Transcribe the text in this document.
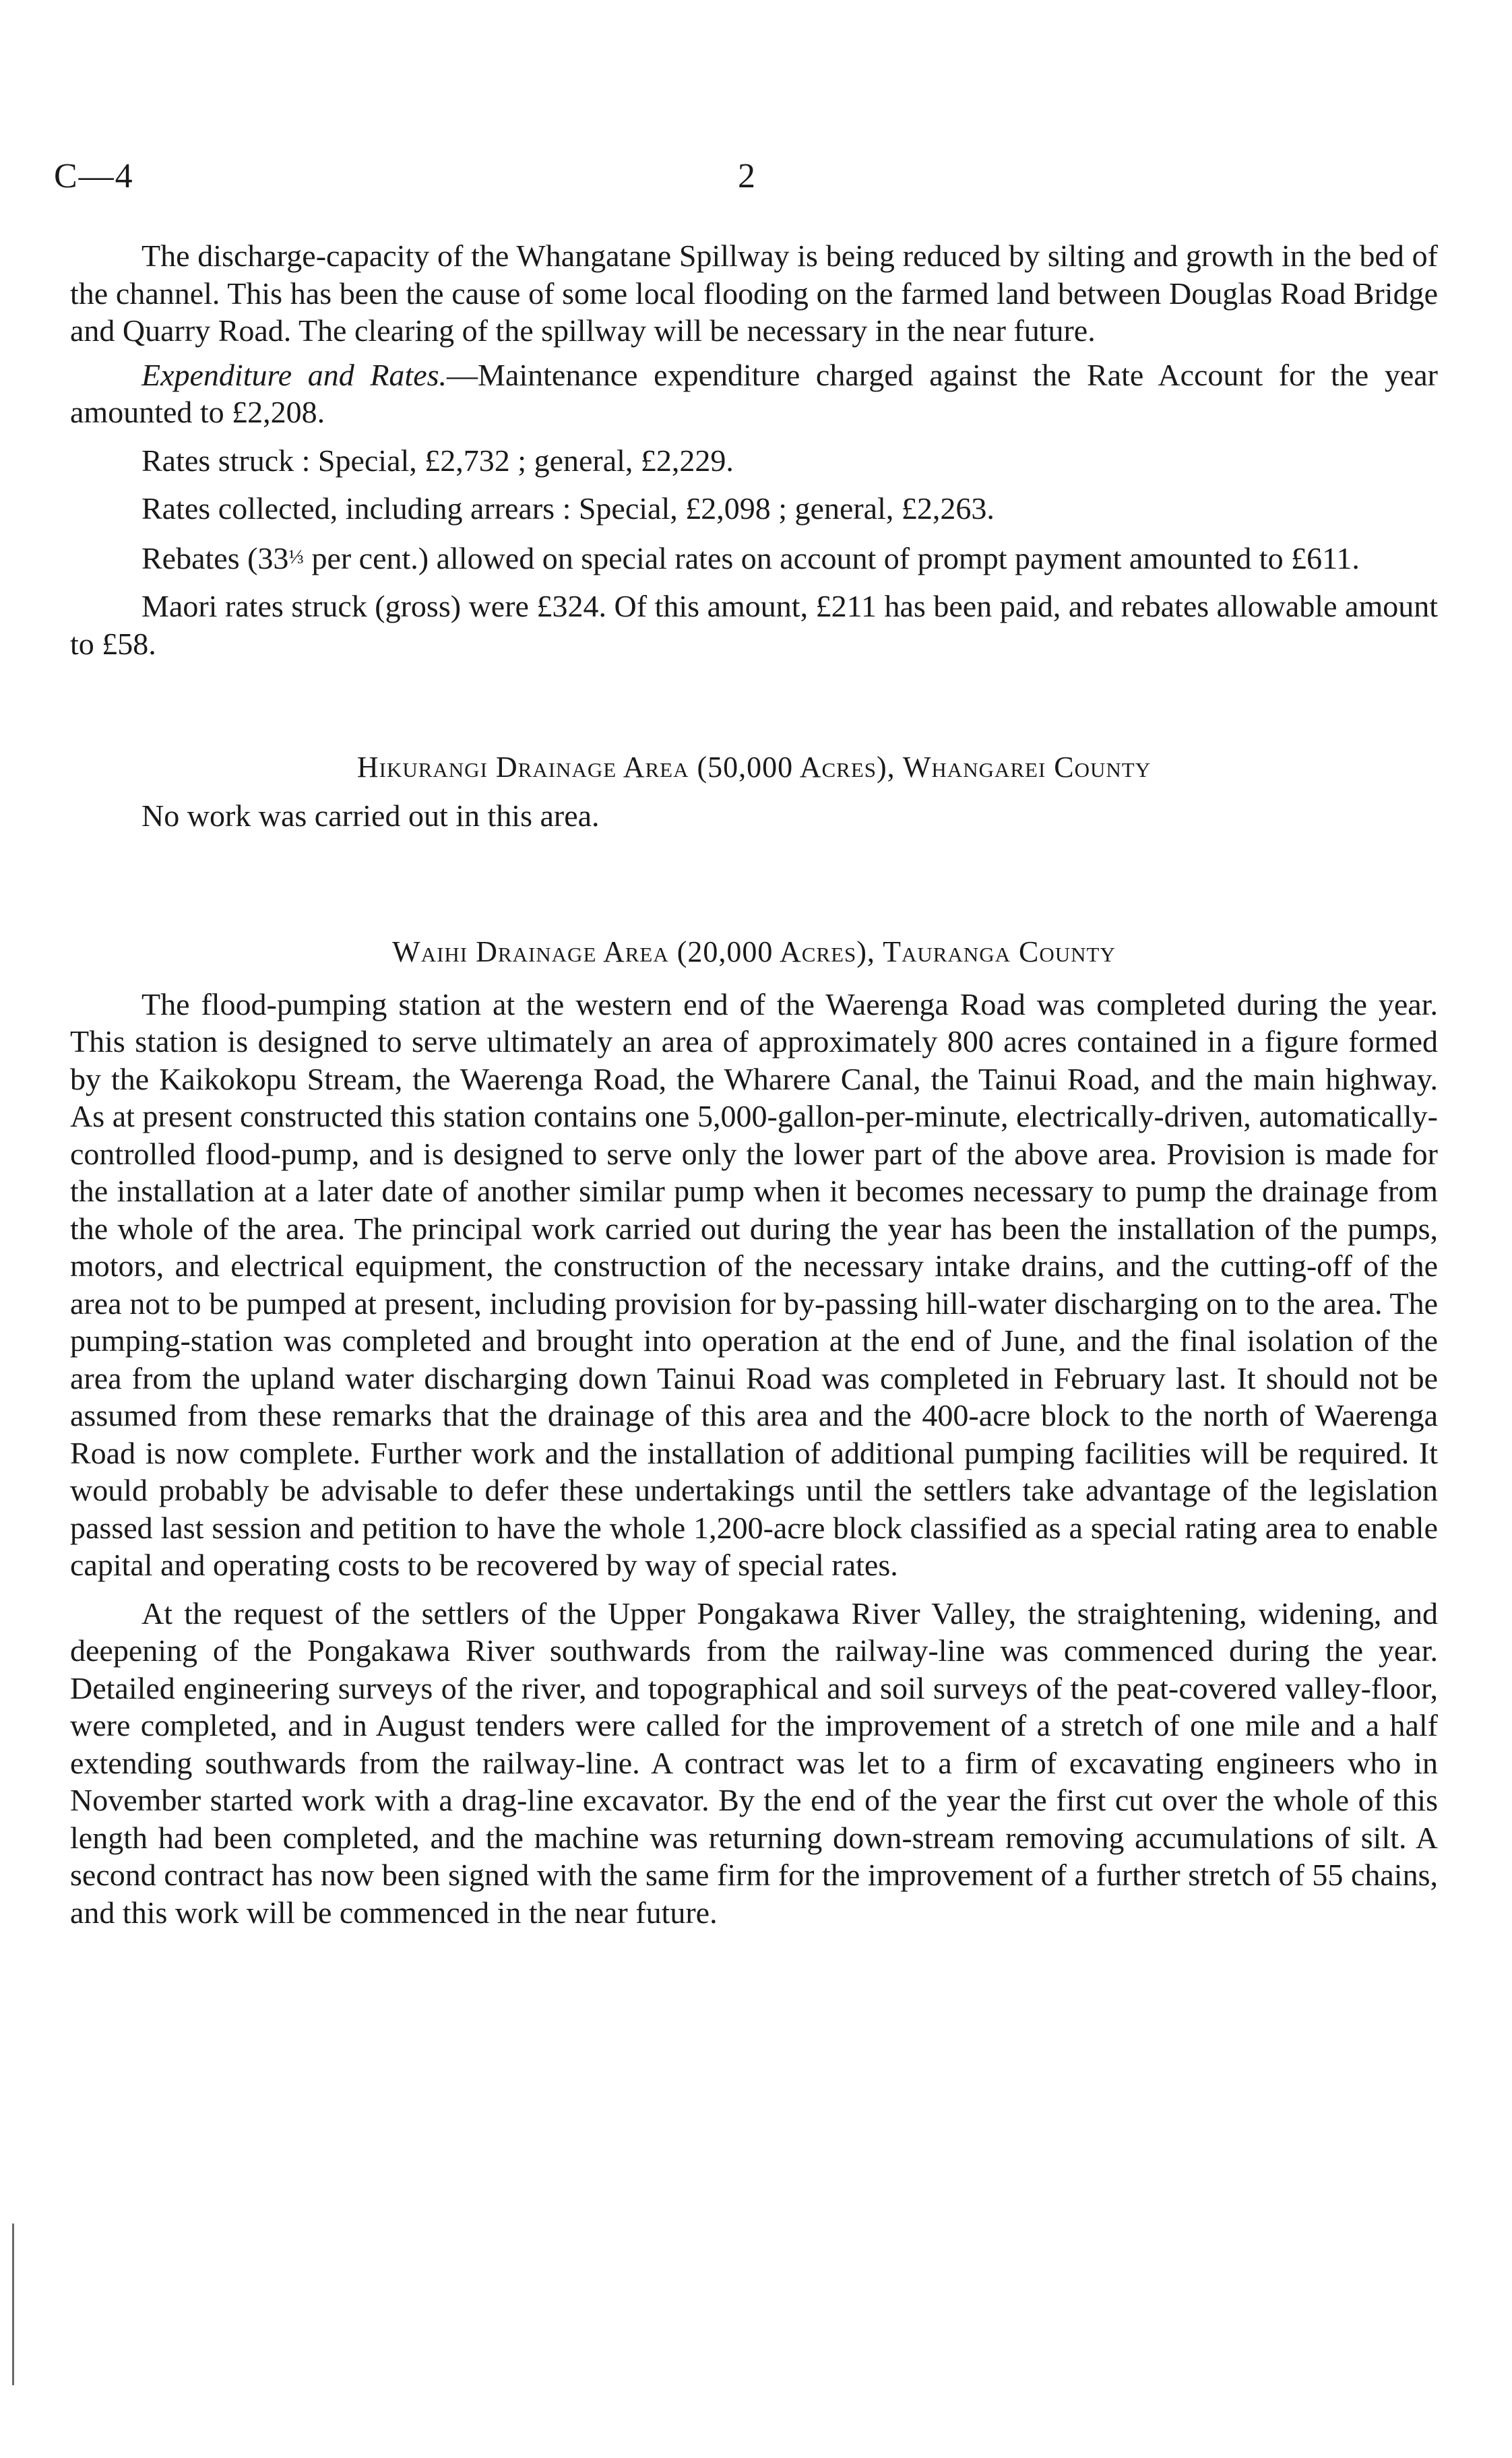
C—4	2

The discharge-capacity of the Whangatane Spillway is being reduced by silting and growth in the bed of the channel. This has been the cause of some local flooding on the farmed land between Douglas Road Bridge and Quarry Road. The clearing of the spillway will be necessary in the near future.

Expenditure and Rates.—Maintenance expenditure charged against the Rate Account for the year amounted to £2,208.

Rates struck : Special, £2,732 ; general, £2,229.

Rates collected, including arrears : Special, £2,098 ; general, £2,263.

Rebates (33⅓ per cent.) allowed on special rates on account of prompt payment amounted to £611.

Maori rates struck (gross) were £324. Of this amount, £211 has been paid, and rebates allowable amount to £58.

Hikurangi Drainage Area (50,000 Acres), Whangarei County

No work was carried out in this area.

Waihi Drainage Area (20,000 Acres), Tauranga County

The flood-pumping station at the western end of the Waerenga Road was completed during the year. This station is designed to serve ultimately an area of approximately 800 acres contained in a figure formed by the Kaikokopu Stream, the Waerenga Road, the Wharere Canal, the Tainui Road, and the main highway. As at present constructed this station contains one 5,000-gallon-per-minute, electrically-driven, automatically-controlled flood-pump, and is designed to serve only the lower part of the above area. Provision is made for the installation at a later date of another similar pump when it becomes necessary to pump the drainage from the whole of the area. The principal work carried out during the year has been the installation of the pumps, motors, and electrical equipment, the construction of the necessary intake drains, and the cutting-off of the area not to be pumped at present, including provision for by-passing hill-water discharging on to the area. The pumping-station was completed and brought into operation at the end of June, and the final isolation of the area from the upland water discharging down Tainui Road was completed in February last. It should not be assumed from these remarks that the drainage of this area and the 400-acre block to the north of Waerenga Road is now complete. Further work and the installation of additional pumping facilities will be required. It would probably be advisable to defer these undertakings until the settlers take advantage of the legislation passed last session and petition to have the whole 1,200-acre block classified as a special rating area to enable capital and operating costs to be recovered by way of special rates.

At the request of the settlers of the Upper Pongakawa River Valley, the straightening, widening, and deepening of the Pongakawa River southwards from the railway-line was commenced during the year. Detailed engineering surveys of the river, and topographical and soil surveys of the peat-covered valley-floor, were completed, and in August tenders were called for the improvement of a stretch of one mile and a half extending southwards from the railway-line. A contract was let to a firm of excavating engineers who in November started work with a drag-line excavator. By the end of the year the first cut over the whole of this length had been completed, and the machine was returning down-stream removing accumulations of silt. A second contract has now been signed with the same firm for the improvement of a further stretch of 55 chains, and this work will be commenced in the near future.
